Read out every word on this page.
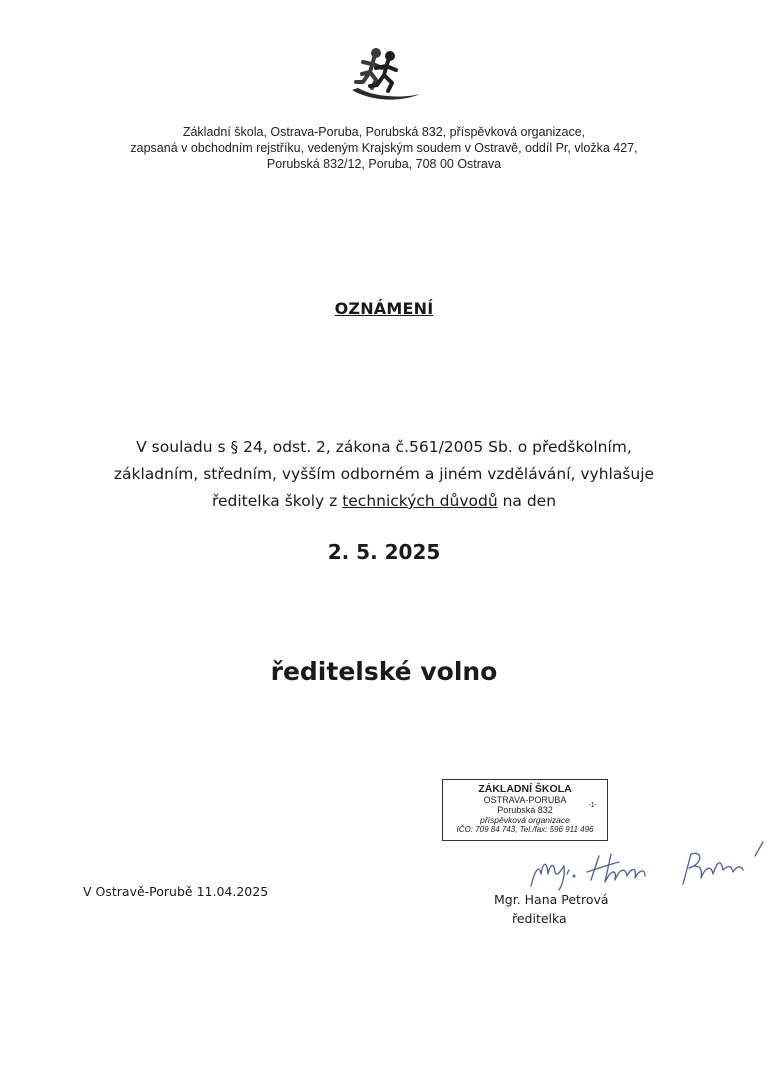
Základní škola, Ostrava-Poruba, Porubská 832, příspěvková organizace,
zapsaná v obchodním rejstříku, vedeným Krajským soudem v Ostravě, oddíl Pr, vložka 427,
Porubská 832/12, Poruba, 708 00 Ostrava
OZNÁMENÍ
V souladu s § 24, odst. 2, zákona č.561/2005 Sb. o předškolním,
základním, středním, vyšším odborném a jiném vzdělávání, vyhlašuje
ředitelka školy z technických důvodů na den
2. 5. 2025
ředitelské volno
ZÁKLADNÍ ŠKOLA
OSTRAVA-PORUBA
Porubská 832
příspěvková organizace
IČO: 709 84 743, Tel./fax: 596 911 496
-1-
V Ostravě-Porubě 11.04.2025
Mgr. Hana Petrová
ředitelka
